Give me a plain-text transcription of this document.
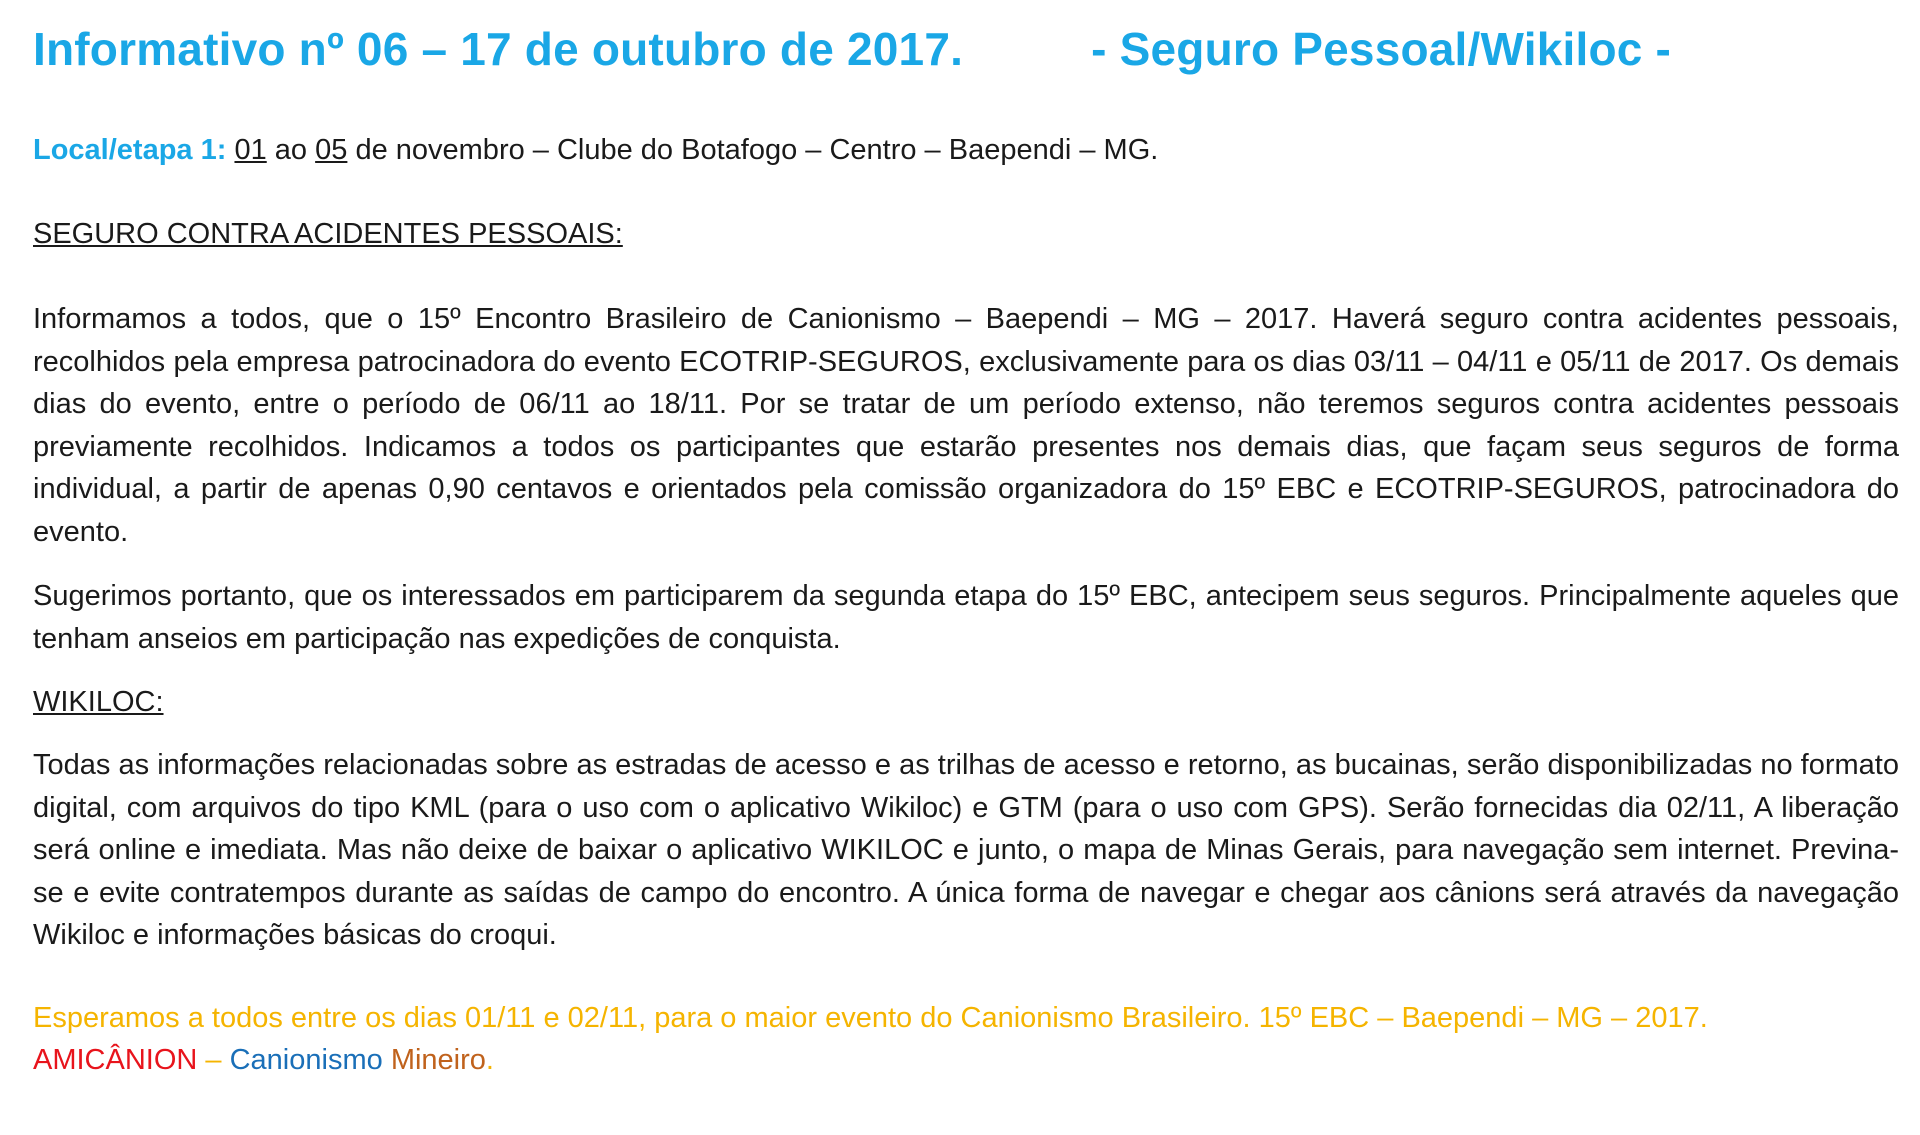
Informativo nº 06 – 17 de outubro de 2017.	- Seguro Pessoal/Wikiloc -

Local/etapa 1: 01 ao 05 de novembro – Clube do Botafogo – Centro – Baependi – MG.

SEGURO CONTRA ACIDENTES PESSOAIS:

Informamos a todos, que o 15º Encontro Brasileiro de Canionismo – Baependi – MG – 2017. Haverá seguro contra acidentes pessoais, recolhidos pela empresa patrocinadora do evento ECOTRIP-SEGUROS, exclusivamente para os dias 03/11 – 04/11 e 05/11 de 2017. Os demais dias do evento, entre o período de 06/11 ao 18/11. Por se tratar de um período extenso, não teremos seguros contra acidentes pessoais previamente recolhidos. Indicamos a todos os participantes que estarão presentes nos demais dias, que façam seus seguros de forma individual, a partir de apenas 0,90 centavos e orientados pela comissão organizadora do 15º EBC e ECOTRIP-SEGUROS, patrocinadora do evento.

Sugerimos portanto, que os interessados em participarem da segunda etapa do 15º EBC, antecipem seus seguros. Principalmente aqueles que tenham anseios em participação nas expedições de conquista.

WIKILOC:

Todas as informações relacionadas sobre as estradas de acesso e as trilhas de acesso e retorno, as bucainas, serão disponibilizadas no formato digital, com arquivos do tipo KML (para o uso com o aplicativo Wikiloc) e GTM (para o uso com GPS). Serão fornecidas dia 02/11, A liberação será online e imediata. Mas não deixe de baixar o aplicativo WIKILOC e junto, o mapa de Minas Gerais, para navegação sem internet. Previna-se e evite contratempos durante as saídas de campo do encontro. A única forma de navegar e chegar aos cânions será através da navegação Wikiloc e informações básicas do croqui.

Esperamos a todos entre os dias 01/11 e 02/11, para o maior evento do Canionismo Brasileiro. 15º EBC – Baependi – MG – 2017.

AMICÂNION – Canionismo Mineiro.
